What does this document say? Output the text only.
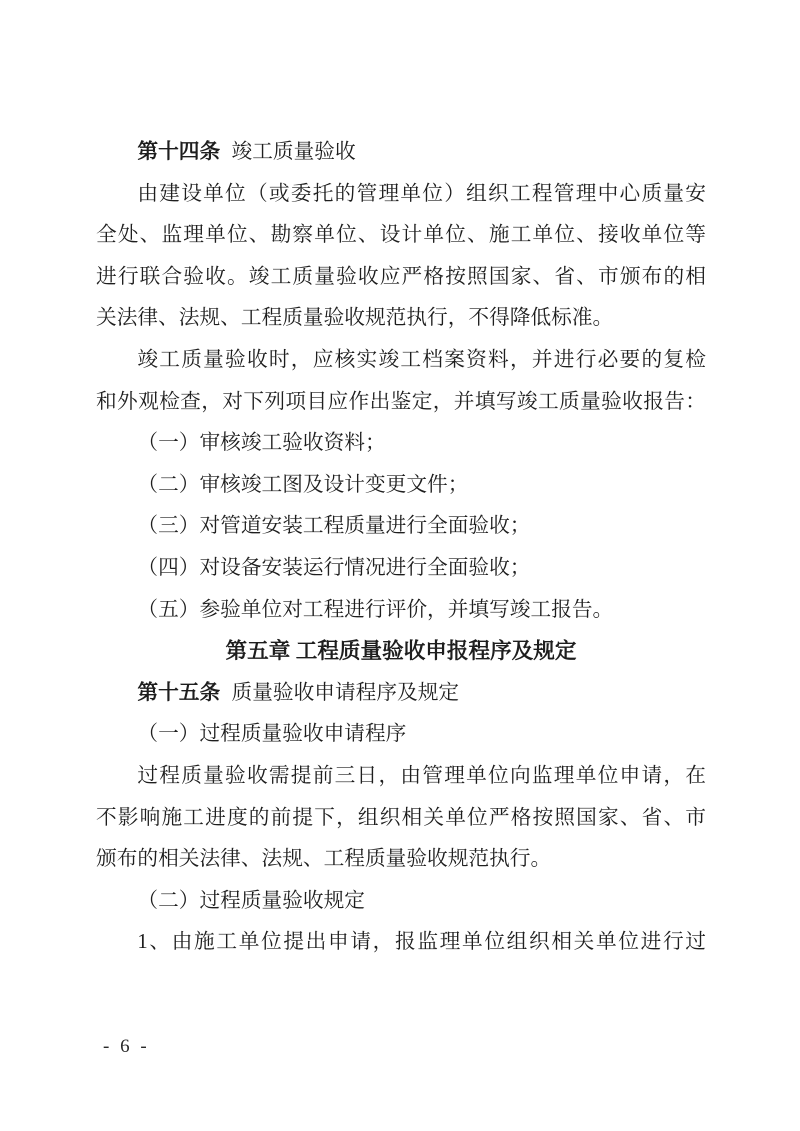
第十四条 竣工质量验收

由建设单位（或委托的管理单位）组织工程管理中心质量安

全处、监理单位、勘察单位、设计单位、施工单位、接收单位等

进行联合验收。竣工质量验收应严格按照国家、省、市颁布的相

关法律、法规、工程质量验收规范执行，不得降低标准。

竣工质量验收时，应核实竣工档案资料，并进行必要的复检

和外观检查，对下列项目应作出鉴定，并填写竣工质量验收报告：

（一）审核竣工验收资料；

（二）审核竣工图及设计变更文件；

（三）对管道安装工程质量进行全面验收；

（四）对设备安装运行情况进行全面验收；

（五）参验单位对工程进行评价，并填写竣工报告。

第五章 工程质量验收申报程序及规定

第十五条 质量验收申请程序及规定

（一）过程质量验收申请程序

过程质量验收需提前三日，由管理单位向监理单位申请，在

不影响施工进度的前提下，组织相关单位严格按照国家、省、市

颁布的相关法律、法规、工程质量验收规范执行。

（二）过程质量验收规定

1、由施工单位提出申请，报监理单位组织相关单位进行过

- 6 -
